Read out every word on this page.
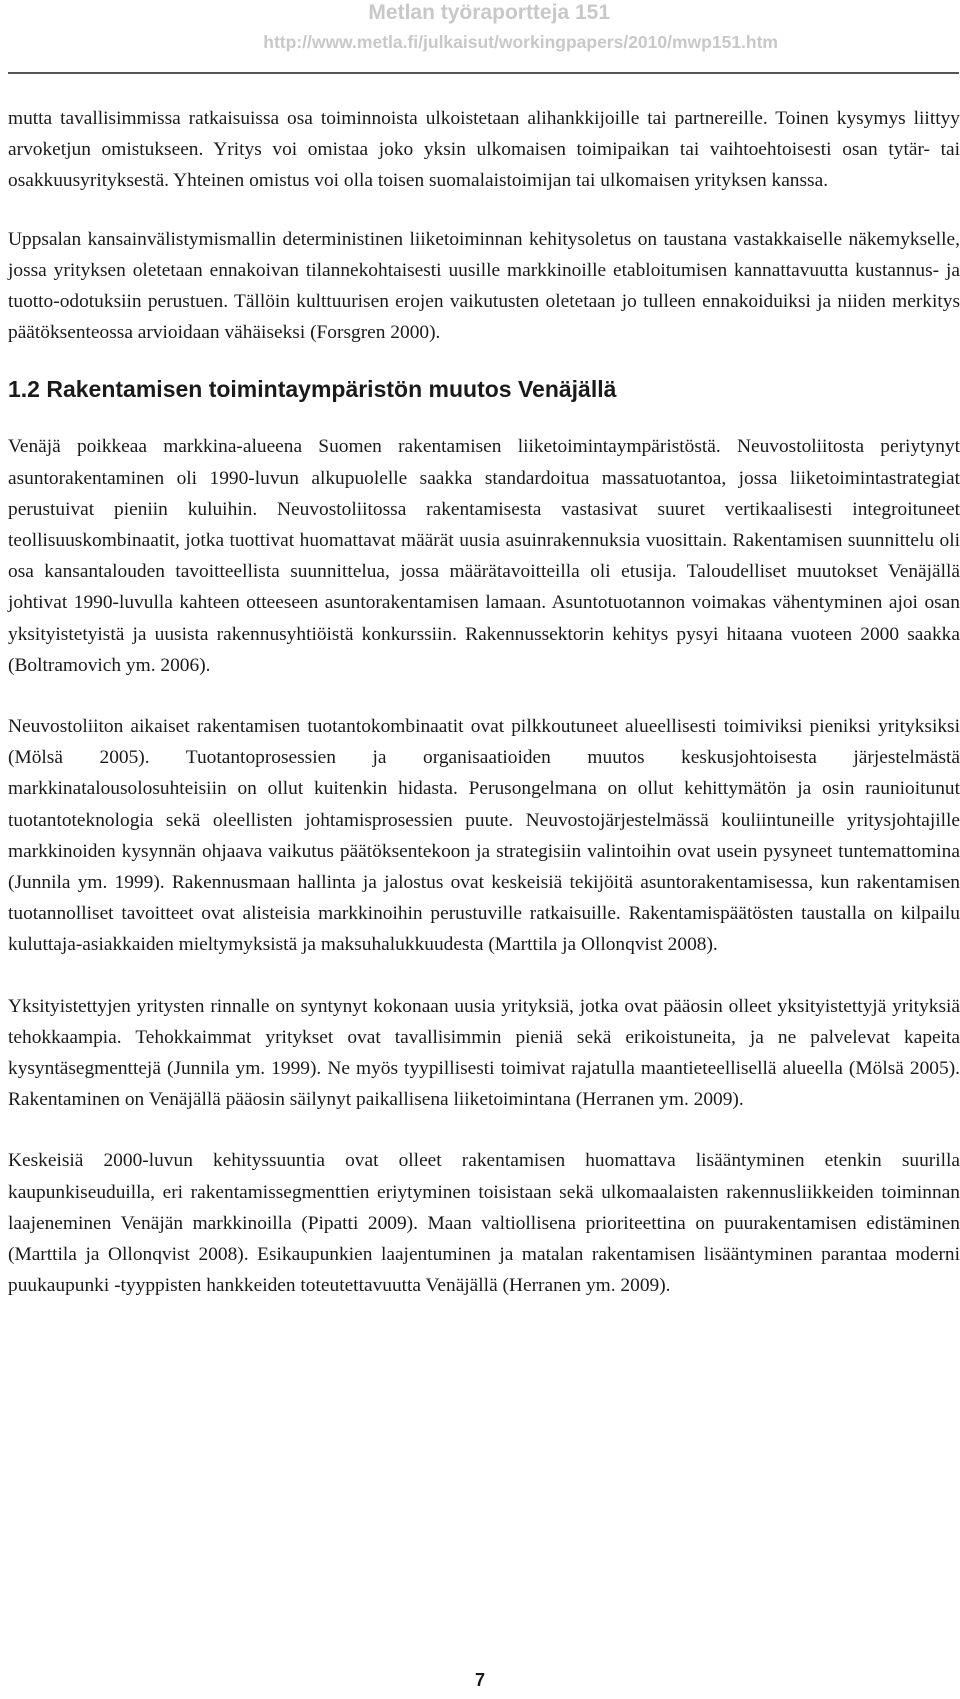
Metlan työraportteja 151
http://www.metla.fi/julkaisut/workingpapers/2010/mwp151.htm

mutta tavallisimmissa ratkaisuissa osa toiminnoista ulkoistetaan alihankkijoille tai partnereille. Toinen kysymys liittyy arvoketjun omistukseen. Yritys voi omistaa joko yksin ulkomaisen toimipaikan tai vaihtoehtoisesti osan tytär- tai osakkuusyrityksestä. Yhteinen omistus voi olla toisen suomalaistoimijan tai ulkomaisen yrityksen kanssa.

Uppsalan kansainvälistymismallin deterministinen liiketoiminnan kehitysoletus on taustana vastakkaiselle näkemykselle, jossa yrityksen oletetaan ennakoivan tilannekohtaisesti uusille markkinoille etabloitumisen kannattavuutta kustannus- ja tuotto-odotuksiin perustuen. Tällöin kulttuurisen erojen vaikutusten oletetaan jo tulleen ennakoiduiksi ja niiden merkitys päätöksenteossa arvioidaan vähäiseksi (Forsgren 2000).

1.2 Rakentamisen toimintaympäristön muutos Venäjällä

Venäjä poikkeaa markkina-alueena Suomen rakentamisen liiketoimintaympäristöstä. Neuvostoliitosta periytynyt asuntorakentaminen oli 1990-luvun alkupuolelle saakka standardoitua massatuotantoa, jossa liiketoimintastrategiat perustuivat pieniin kuluihin. Neuvostoliitossa rakentamisesta vastasivat suuret vertikaalisesti integroituneet teollisuuskombinaatit, jotka tuottivat huomattavat määrät uusia asuinrakennuksia vuosittain. Rakentamisen suunnittelu oli osa kansantalouden tavoitteellista suunnittelua, jossa määrätavoitteilla oli etusija. Taloudelliset muutokset Venäjällä johtivat 1990-luvulla kahteen otteeseen asuntorakentamisen lamaan. Asuntotuotannon voimakas vähentyminen ajoi osan yksityistetyistä ja uusista rakennusyhtiöistä konkurssiin. Rakennussektorin kehitys pysyi hitaana vuoteen 2000 saakka (Boltramovich ym. 2006).

Neuvostoliiton aikaiset rakentamisen tuotantokombinaatit ovat pilkkoutuneet alueellisesti toimiviksi pieniksi yrityksiksi (Mölsä 2005). Tuotantoprosessien ja organisaatioiden muutos keskusjohtoisesta järjestelmästä markkinatalousolosuhteisiin on ollut kuitenkin hidasta. Perusongelmana on ollut kehittymätön ja osin raunioitunut tuotantoteknologia sekä oleellisten johtamisprosessien puute. Neuvostojärjestelmässä kouliintuneille yritysjohtajille markkinoiden kysynnän ohjaava vaikutus päätöksentekoon ja strategisiin valintoihin ovat usein pysyneet tuntemattomina (Junnila ym. 1999). Rakennusmaan hallinta ja jalostus ovat keskeisiä tekijöitä asuntorakentamisessa, kun rakentamisen tuotannolliset tavoitteet ovat alisteisia markkinoihin perustuville ratkaisuille. Rakentamispäätösten taustalla on kilpailu kuluttaja-asiakkaiden mieltymyksistä ja maksuhalukkuudesta (Marttila ja Ollonqvist 2008).

Yksityistettyjen yritysten rinnalle on syntynyt kokonaan uusia yrityksiä, jotka ovat pääosin olleet yksityistettyjä yrityksiä tehokkaampia. Tehokkaimmat yritykset ovat tavallisimmin pieniä sekä erikoistuneita, ja ne palvelevat kapeita kysyntäsegmenttejä (Junnila ym. 1999). Ne myös tyypillisesti toimivat rajatulla maantieteellisellä alueella (Mölsä 2005). Rakentaminen on Venäjällä pääosin säilynyt paikallisena liiketoimintana (Herranen ym. 2009).

Keskeisiä 2000-luvun kehityssuuntia ovat olleet rakentamisen huomattava lisääntyminen etenkin suurilla kaupunkiseuduilla, eri rakentamissegmenttien eriytyminen toisistaan sekä ulkomaalaisten rakennusliikkeiden toiminnan laajeneminen Venäjän markkinoilla (Pipatti 2009). Maan valtiollisena prioriteettina on puurakentamisen edistäminen (Marttila ja Ollonqvist 2008). Esikaupunkien laajentuminen ja matalan rakentamisen lisääntyminen parantaa moderni puukaupunki -tyyppisten hankkeiden toteutettavuutta Venäjällä (Herranen ym. 2009).

7
